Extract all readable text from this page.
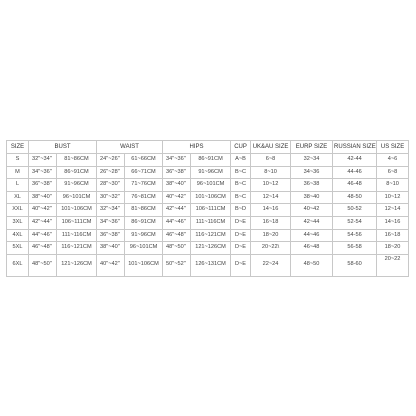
SIZE	BUST		WAIST		HIPS		CUP	UK&AU SIZE	EURP SIZE	RUSSIAN SIZE	US SIZE
S	32"~34"	81~86CM	24"~26"	61~66CM	34"~36"	86~91CM	A~B	6~8	32~34	42-44	4~6
M	34"~36"	86~91CM	26"~28"	66~71CM	36"~38"	91~96CM	B~C	8~10	34~36	44-46	6~8
L	36"~38"	91~96CM	28"~30"	71~76CM	38"~40"	96~101CM	B~C	10~12	36~38	46-48	8~10
XL	38"~40"	96~101CM	30"~32"	76~81CM	40"~42"	101~106CM	B~C	12~14	38~40	48-50	10~12
XXL	40"~42"	101~106CM	32"~34"	81~86CM	42"~44"	106~111CM	B~D	14~16	40~42	50-52	12~14
3XL	42"~44"	106~111CM	34"~36"	86~91CM	44"~46"	111~116CM	D~E	16~18	42~44	52-54	14~16
4XL	44"~46"	111~116CM	36"~38"	91~96CM	46"~48"	116~121CM	D~E	18~20	44~46	54-56	16~18
5XL	46"~48"	116~121CM	38"~40"	96~101CM	48"~50"	121~126CM	D~E	20~22\	46~48	56-58	18~20
6XL	48"~50"	121~126CM	40"~42"	101~106CM	50"~52"	126~131CM	D~E	22~24	48~50	58-60	20~22
